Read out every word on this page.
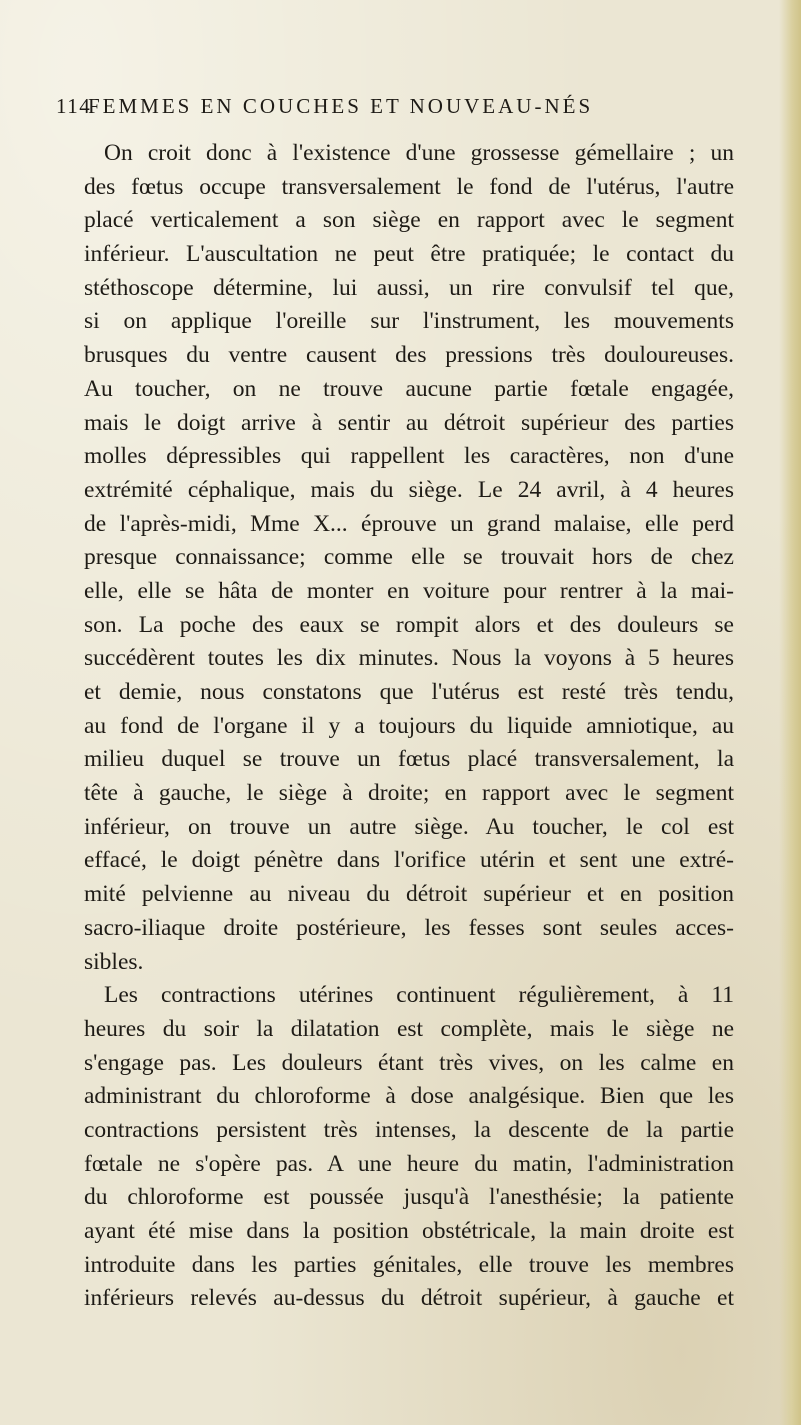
114
FEMMES EN COUCHES ET NOUVEAU-NÉS
On croit donc à l'existence d'une grossesse gémellaire ; un
des fœtus occupe transversalement le fond de l'utérus, l'autre
placé verticalement a son siège en rapport avec le segment
inférieur. L'auscultation ne peut être pratiquée; le contact du
stéthoscope détermine, lui aussi, un rire convulsif tel que,
si on applique l'oreille sur l'instrument, les mouvements
brusques du ventre causent des pressions très douloureuses.
Au toucher, on ne trouve aucune partie fœtale engagée,
mais le doigt arrive à sentir au détroit supérieur des parties
molles dépressibles qui rappellent les caractères, non d'une
extrémité céphalique, mais du siège. Le 24 avril, à 4 heures
de l'après-midi, Mme X... éprouve un grand malaise, elle perd
presque connaissance; comme elle se trouvait hors de chez
elle, elle se hâta de monter en voiture pour rentrer à la mai-
son. La poche des eaux se rompit alors et des douleurs se
succédèrent toutes les dix minutes. Nous la voyons à 5 heures
et demie, nous constatons que l'utérus est resté très tendu,
au fond de l'organe il y a toujours du liquide amniotique, au
milieu duquel se trouve un fœtus placé transversalement, la
tête à gauche, le siège à droite; en rapport avec le segment
inférieur, on trouve un autre siège. Au toucher, le col est
effacé, le doigt pénètre dans l'orifice utérin et sent une extré-
mité pelvienne au niveau du détroit supérieur et en position
sacro-iliaque droite postérieure, les fesses sont seules acces-
sibles.
Les contractions utérines continuent régulièrement, à 11
heures du soir la dilatation est complète, mais le siège ne
s'engage pas. Les douleurs étant très vives, on les calme en
administrant du chloroforme à dose analgésique. Bien que les
contractions persistent très intenses, la descente de la partie
fœtale ne s'opère pas. A une heure du matin, l'administration
du chloroforme est poussée jusqu'à l'anesthésie; la patiente
ayant été mise dans la position obstétricale, la main droite est
introduite dans les parties génitales, elle trouve les membres
inférieurs relevés au-dessus du détroit supérieur, à gauche et
